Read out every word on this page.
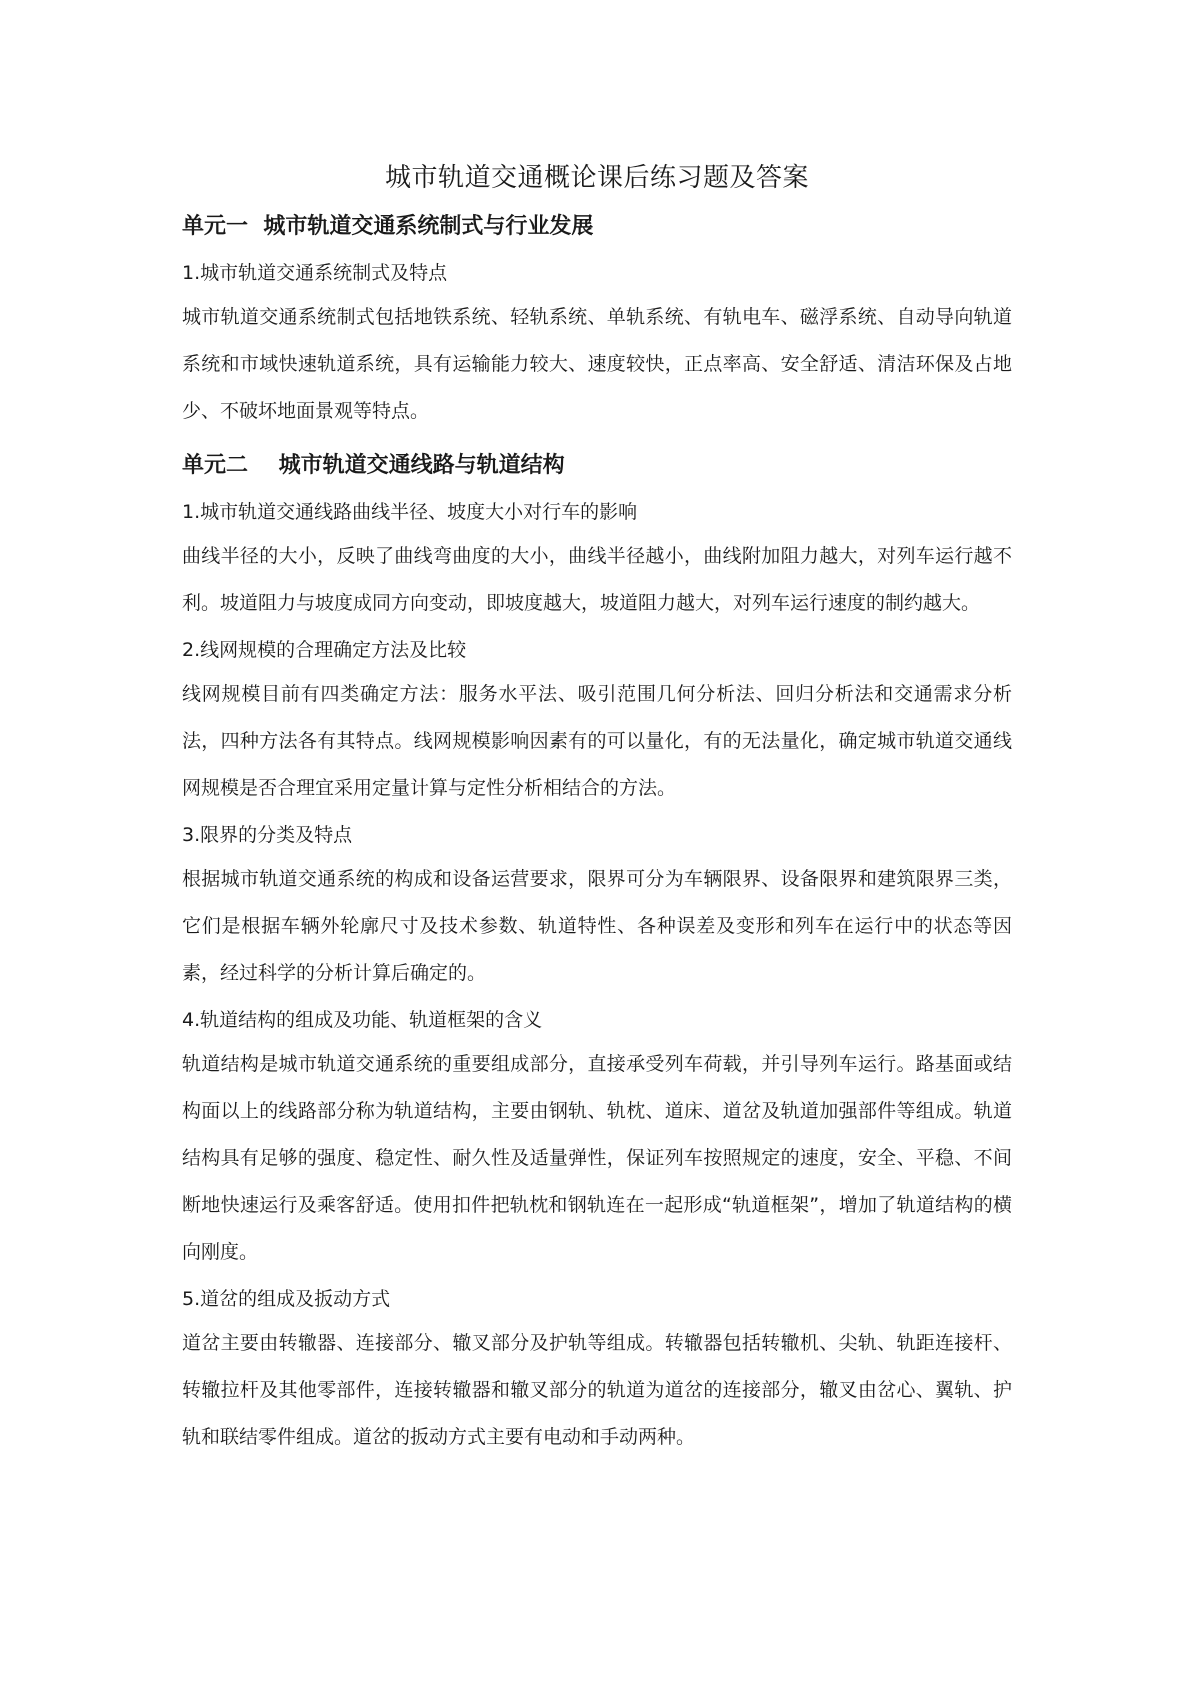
城市轨道交通概论课后练习题及答案
单元一  城市轨道交通系统制式与行业发展

1.城市轨道交通系统制式及特点

城市轨道交通系统制式包括地铁系统、轻轨系统、单轨系统、有轨电车、磁浮系统、自动导向轨道系统和市域快速轨道系统，具有运输能力较大、速度较快，正点率高、安全舒适、清洁环保及占地少、不破坏地面景观等特点。

单元二    城市轨道交通线路与轨道结构

1.城市轨道交通线路曲线半径、坡度大小对行车的影响

曲线半径的大小，反映了曲线弯曲度的大小，曲线半径越小，曲线附加阻力越大，对列车运行越不利。坡道阻力与坡度成同方向变动，即坡度越大，坡道阻力越大，对列车运行速度的制约越大。

2.线网规模的合理确定方法及比较

线网规模目前有四类确定方法：服务水平法、吸引范围几何分析法、回归分析法和交通需求分析法，四种方法各有其特点。线网规模影响因素有的可以量化，有的无法量化，确定城市轨道交通线网规模是否合理宜采用定量计算与定性分析相结合的方法。

3.限界的分类及特点

根据城市轨道交通系统的构成和设备运营要求，限界可分为车辆限界、设备限界和建筑限界三类，它们是根据车辆外轮廓尺寸及技术参数、轨道特性、各种误差及变形和列车在运行中的状态等因素，经过科学的分析计算后确定的。

4.轨道结构的组成及功能、轨道框架的含义

轨道结构是城市轨道交通系统的重要组成部分，直接承受列车荷载，并引导列车运行。路基面或结构面以上的线路部分称为轨道结构，主要由钢轨、轨枕、道床、道岔及轨道加强部件等组成。轨道结构具有足够的强度、稳定性、耐久性及适量弹性，保证列车按照规定的速度，安全、平稳、不间断地快速运行及乘客舒适。使用扣件把轨枕和钢轨连在一起形成“轨道框架”，增加了轨道结构的横向刚度。

5.道岔的组成及扳动方式

道岔主要由转辙器、连接部分、辙叉部分及护轨等组成。转辙器包括转辙机、尖轨、轨距连接杆、转辙拉杆及其他零部件，连接转辙器和辙叉部分的轨道为道岔的连接部分，辙叉由岔心、翼轨、护轨和联结零件组成。道岔的扳动方式主要有电动和手动两种。
